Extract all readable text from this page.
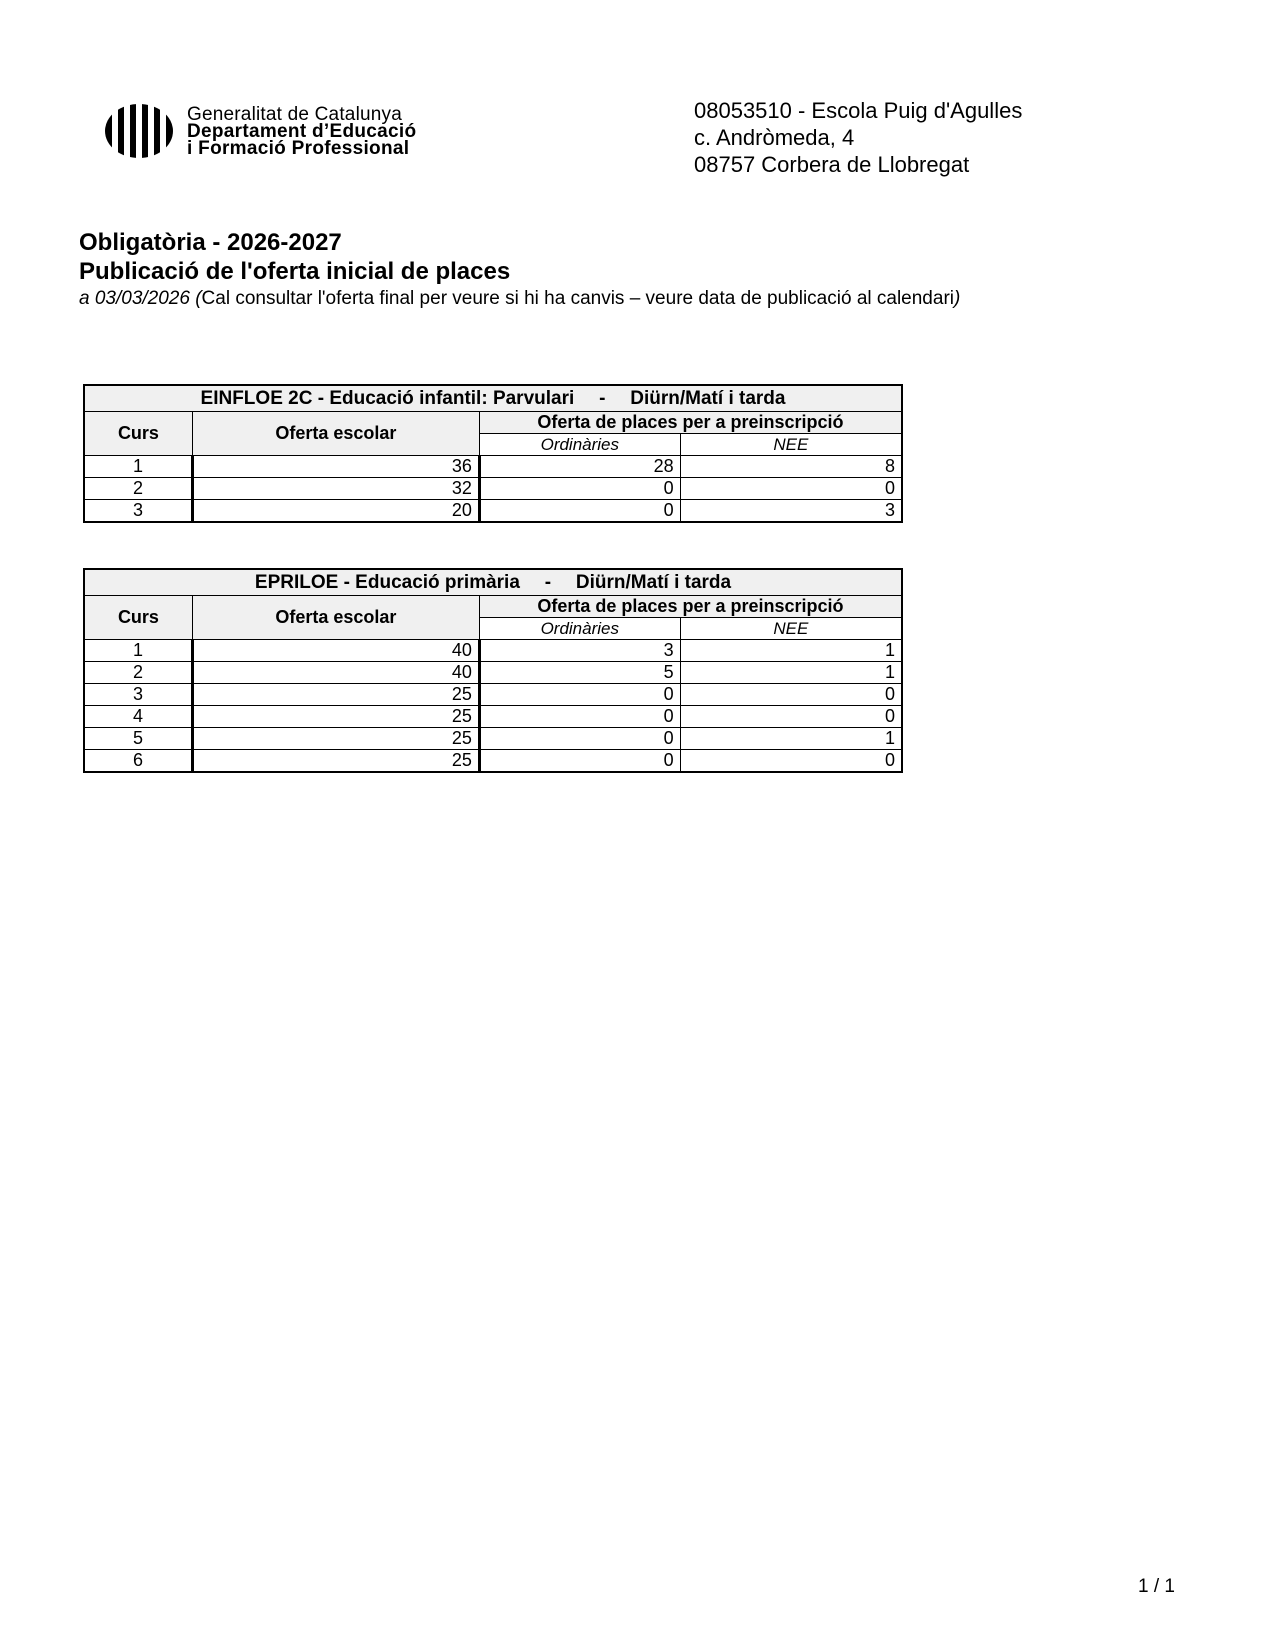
Generalitat de Catalunya
Departament d’Educació
i Formació Professional
08053510 - Escola Puig d'Agulles
c. Andròmeda, 4
08757 Corbera de Llobregat
Obligatòria - 2026-2027
Publicació de l'oferta inicial de places
a 03/03/2026 (Cal consultar l'oferta final per veure si hi ha canvis – veure data de publicació al calendari)
EINFLOE 2C - Educació infantil: Parvulari - Diürn/Matí i tarda			
Curs	Oferta escolar	Oferta de places per a preinscripció	
		Ordinàries	NEE
1	36	28	8
2	32	0	0
3	20	0	3
EPRILOE - Educació primària - Diürn/Matí i tarda			
Curs	Oferta escolar	Oferta de places per a preinscripció	
		Ordinàries	NEE
1	40	3	1
2	40	5	1
3	25	0	0
4	25	0	0
5	25	0	1
6	25	0	0
1 / 1
